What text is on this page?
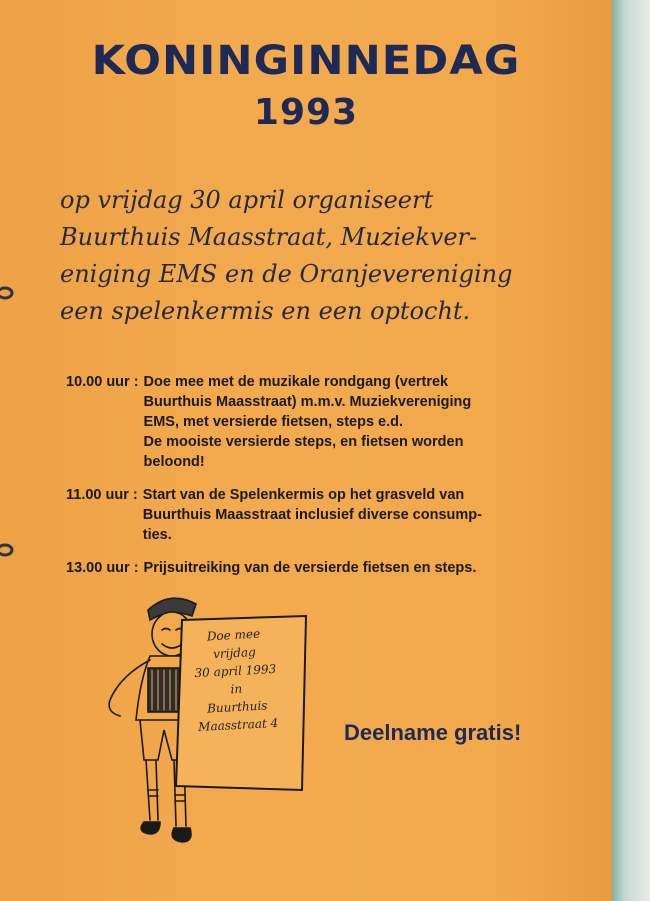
KONINGINNEDAG
1993
op vrijdag 30 april organiseert
Buurthuis Maasstraat, Muziekver-
eniging EMS en de Oranjevereniging
een spelenkermis en een optocht.
10.00 uur : Doe mee met de muzikale rondgang (vertrek
Buurthuis Maasstraat) m.m.v. Muziekvereniging
EMS, met versierde fietsen, steps e.d.
De mooiste versierde steps, en fietsen worden
beloond!
11.00 uur : Start van de Spelenkermis op het grasveld van
Buurthuis Maasstraat inclusief diverse consump-
ties.
13.00 uur : Prijsuitreiking van de versierde fietsen en steps.
Doe mee
vrijdag
30 april 1993
in
Buurthuis
Maasstraat 4	Deelname gratis!
